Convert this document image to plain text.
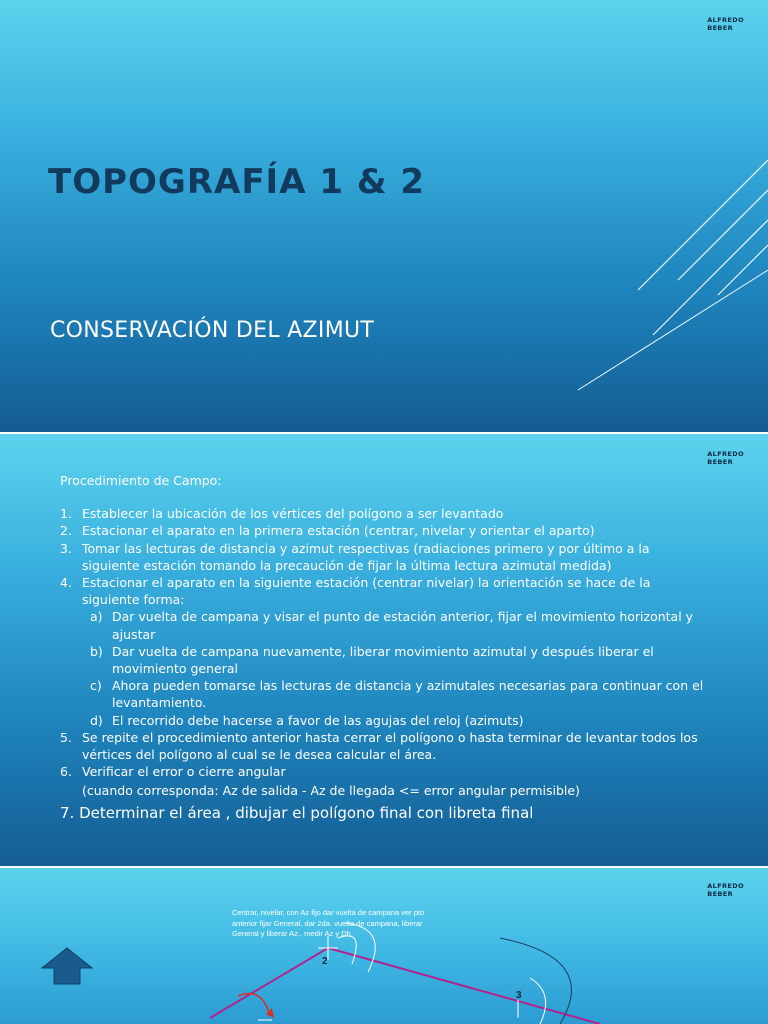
ALFREDO
BEBER
TOPOGRAFÍA 1 & 2
CONSERVACIÓN DEL AZIMUT
ALFREDO
BEBER
Procedimiento de Campo:
1. Establecer la ubicación de los vértices del polígono a ser levantado
2. Estacionar el aparato en la primera estación (centrar, nivelar y orientar el aparto)
3. Tomar las lecturas de distancia y azimut respectivas (radiaciones primero y por último a la siguiente estación tomando la precaución de fijar la última lectura azimutal medida)
4. Estacionar el aparato en la siguiente estación (centrar nivelar) la orientación se hace de la siguiente forma:
a) Dar vuelta de campana y visar el punto de estación anterior, fijar el movimiento horizontal y ajustar
b) Dar vuelta de campana nuevamente, liberar movimiento azimutal y después liberar el movimiento general
c) Ahora pueden tomarse las lecturas de distancia y azimutales necesarias para continuar con el levantamiento.
d) El recorrido debe hacerse a favor de las agujas del reloj (azimuts)
5. Se repite el procedimiento anterior hasta cerrar el polígono o hasta terminar de levantar todos los vértices del polígono al cual se le desea calcular el área.
6. Verificar el error o cierre angular
(cuando corresponda: Az de salida - Az de llegada <= error angular permisible)
7. Determinar el área , dibujar el polígono final con libreta final
ALFREDO
BEBER
2
3
Centrar, nivelar, con Az fijo dar vuelta de campana ver pto anterior fijar General, dar 2da. vuelta de campana, liberar General y liberar Az., medir Az y Dh
